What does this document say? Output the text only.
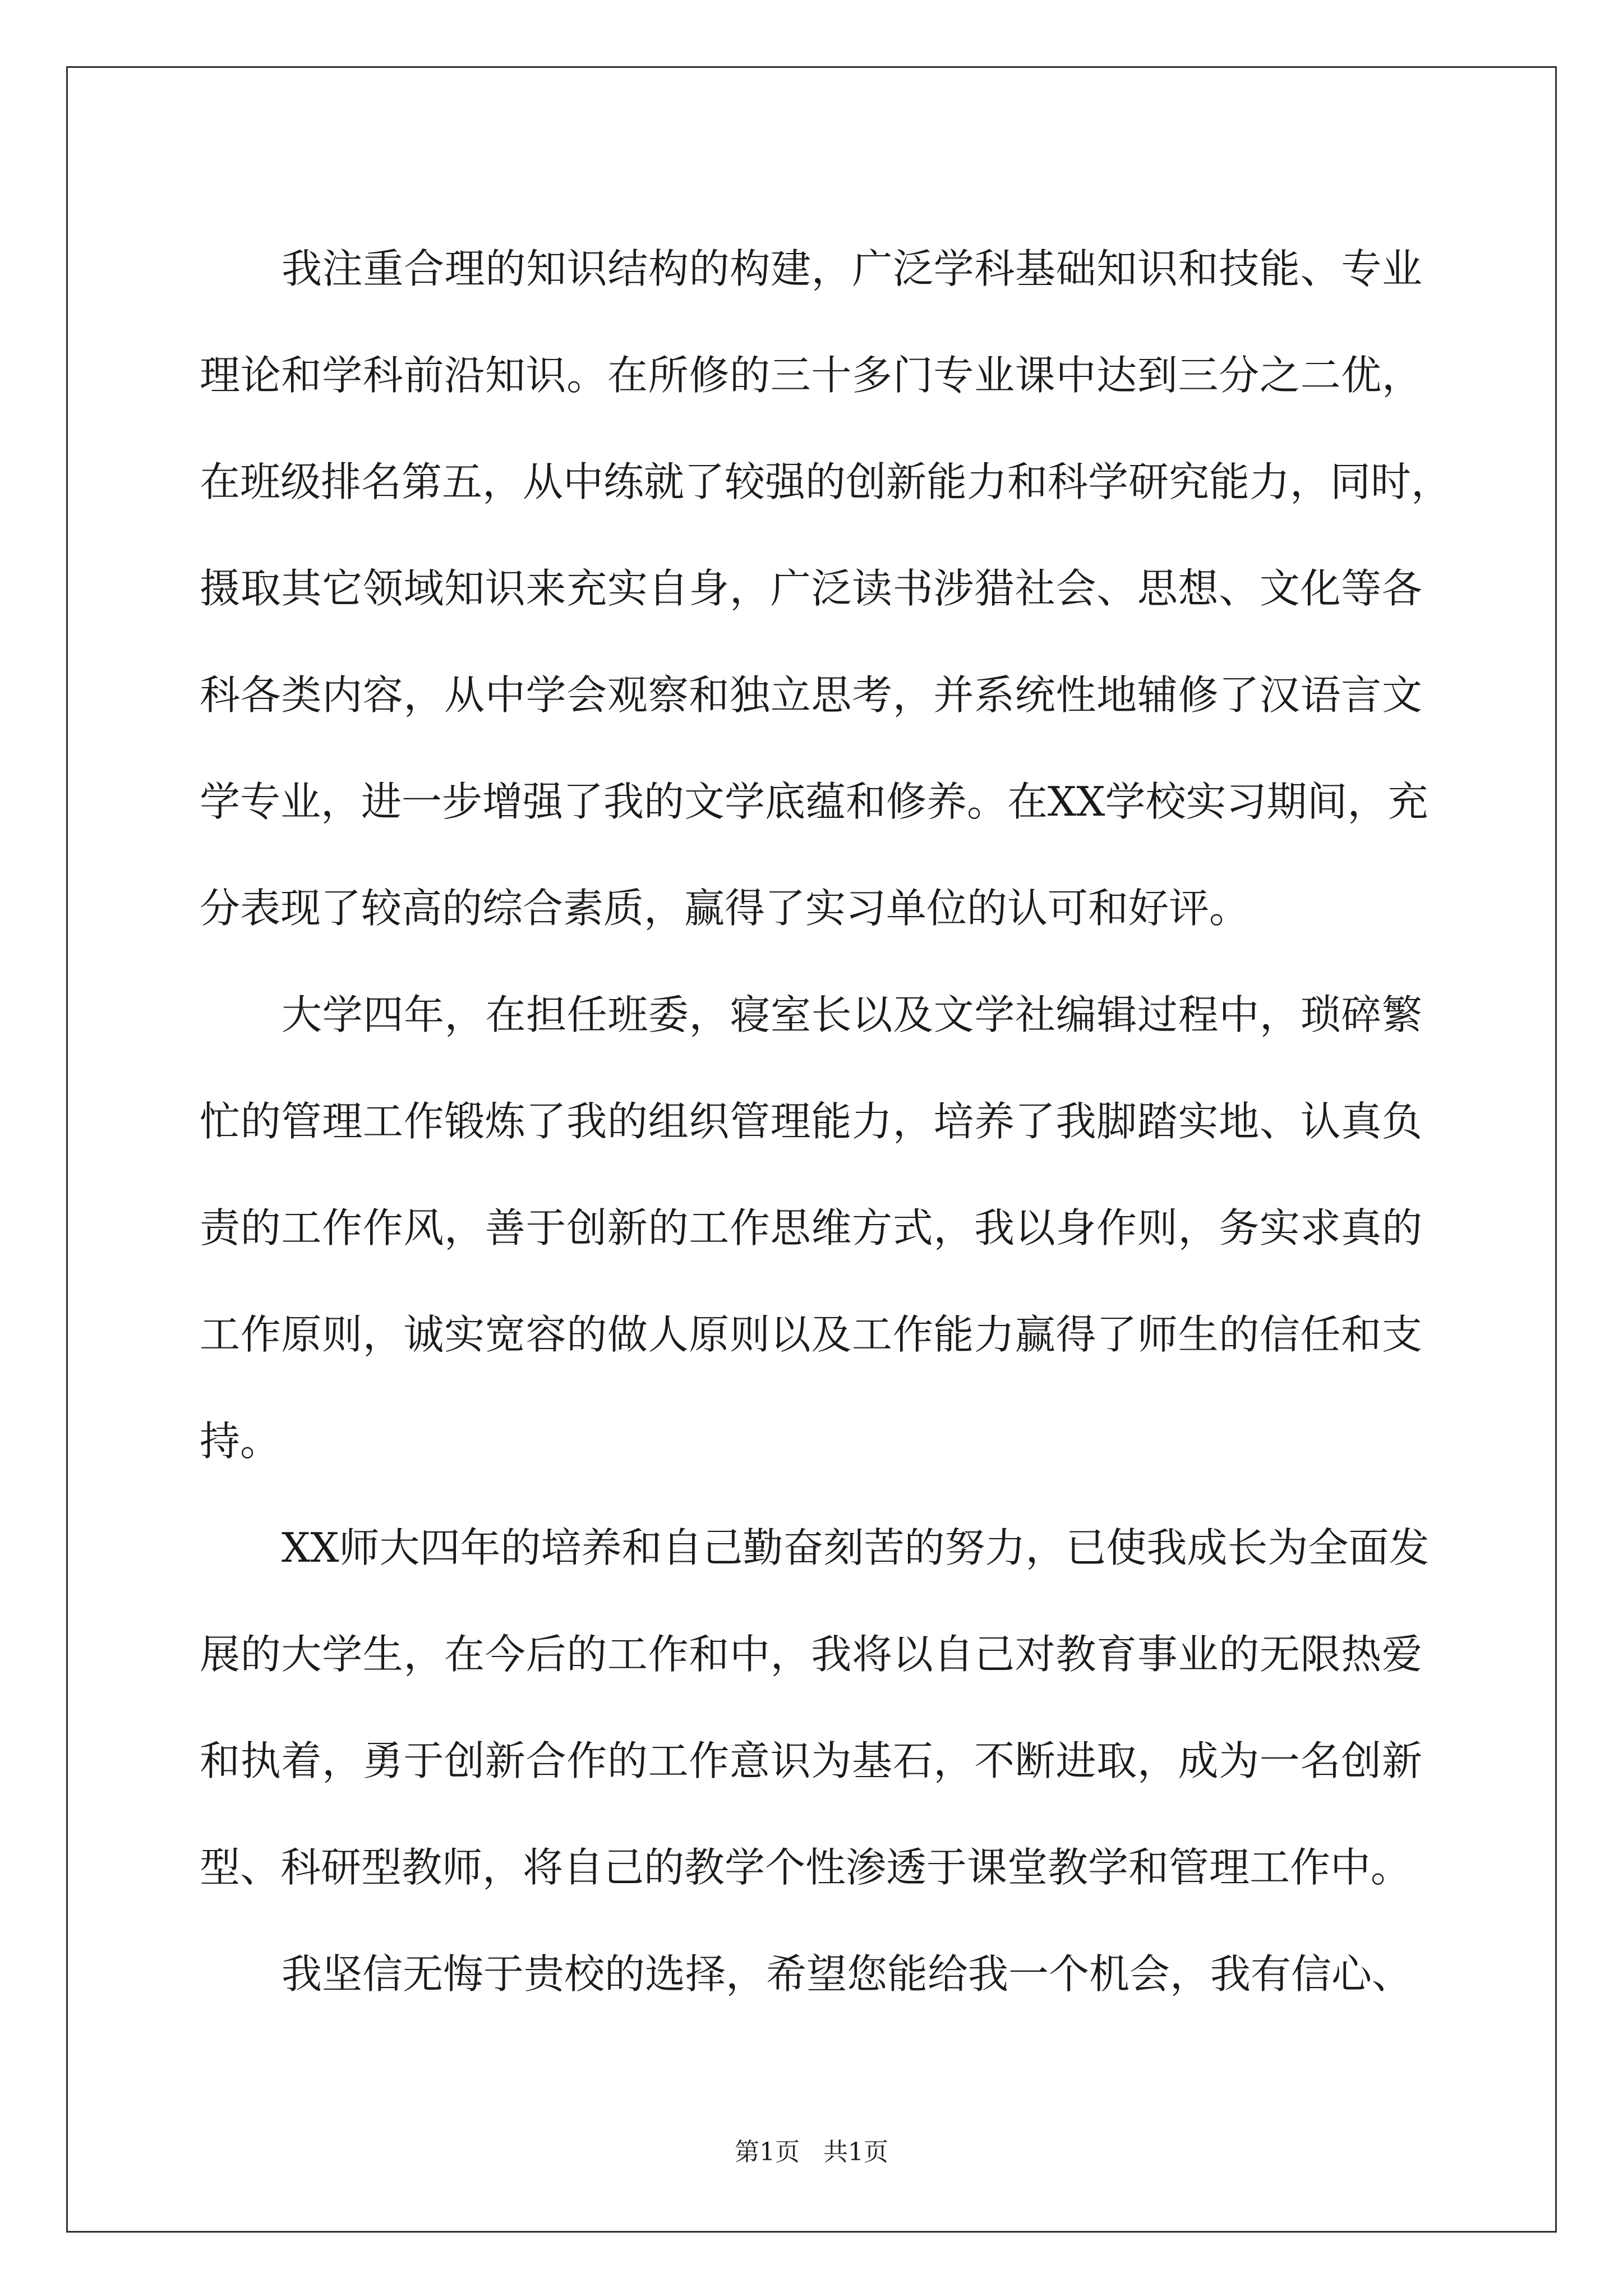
我注重合理的知识结构的构建，广泛学科基础知识和技能、专业
理论和学科前沿知识。在所修的三十多门专业课中达到三分之二优，
在班级排名第五，从中练就了较强的创新能力和科学研究能力，同时，
摄取其它领域知识来充实自身，广泛读书涉猎社会、思想、文化等各
科各类内容，从中学会观察和独立思考，并系统性地辅修了汉语言文
学专业，进一步增强了我的文学底蕴和修养。在XX学校实习期间，充
分表现了较高的综合素质，赢得了实习单位的认可和好评。
大学四年，在担任班委，寝室长以及文学社编辑过程中，琐碎繁
忙的管理工作锻炼了我的组织管理能力，培养了我脚踏实地、认真负
责的工作作风，善于创新的工作思维方式，我以身作则，务实求真的
工作原则，诚实宽容的做人原则以及工作能力赢得了师生的信任和支
持。
XX师大四年的培养和自己勤奋刻苦的努力，已使我成长为全面发
展的大学生，在今后的工作和中，我将以自己对教育事业的无限热爱
和执着，勇于创新合作的工作意识为基石，不断进取，成为一名创新
型、科研型教师，将自己的教学个性渗透于课堂教学和管理工作中。
我坚信无悔于贵校的选择，希望您能给我一个机会，我有信心、
第1页 共1页
